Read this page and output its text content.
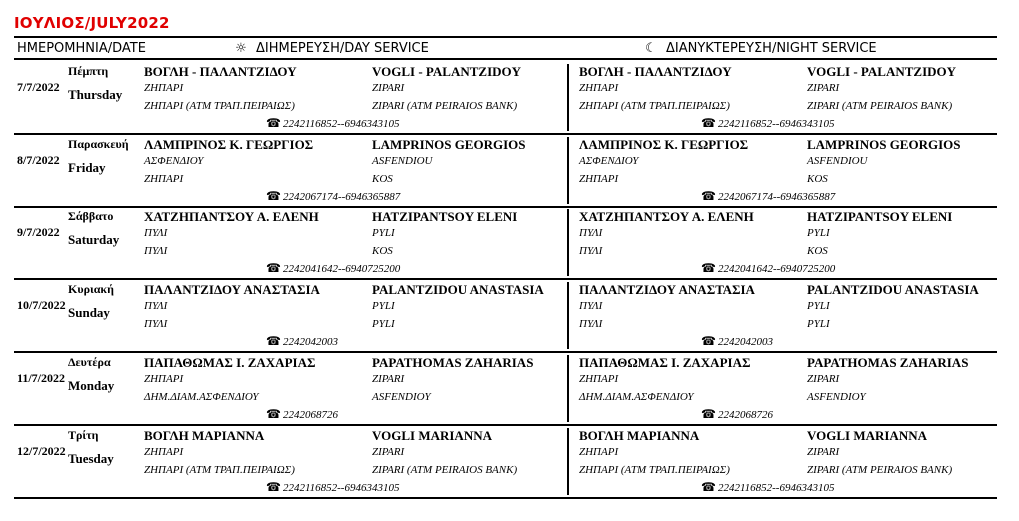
ΙΟΥΛΙΟΣ/JULY2022
ΗΜΕΡΟΜΗΝΙΑ/DATE	☼ ΔΙΗΜΕΡΕΥΣΗ/DAY SERVICE	☾ ΔΙΑΝΥΚΤΕΡΕΥΣΗ/NIGHT SERVICE
7/7/2022
Πέμπτη
Thursday
ΒΟΓΛΗ - ΠΑΛΑΝΤΖΙΔΟΥ	VOGLI - PALANTZIDOY
ΖΗΠΑΡΙ	ZIPARI
ΖΗΠΑΡΙ (ΑΤΜ ΤΡΑΠ.ΠΕΙΡΑΙΩΣ)	ZIPARI (ATM PEIRAIOS BANK)
☎ 2242116852--6946343105
ΒΟΓΛΗ - ΠΑΛΑΝΤΖΙΔΟΥ	VOGLI - PALANTZIDOY
ΖΗΠΑΡΙ	ZIPARI
ΖΗΠΑΡΙ (ΑΤΜ ΤΡΑΠ.ΠΕΙΡΑΙΩΣ)	ZIPARI (ATM PEIRAIOS BANK)
☎ 2242116852--6946343105
8/7/2022
Παρασκευή
Friday
ΛΑΜΠΡΙΝΟΣ Κ. ΓΕΩΡΓΙΟΣ	LAMPRINOS GEORGIOS
ΑΣΦΕΝΔΙΟΥ	ASFENDIOU
ΖΗΠΑΡΙ	KOS
☎ 2242067174--6946365887
ΛΑΜΠΡΙΝΟΣ Κ. ΓΕΩΡΓΙΟΣ	LAMPRINOS GEORGIOS
ΑΣΦΕΝΔΙΟΥ	ASFENDIOU
ΖΗΠΑΡΙ	KOS
☎ 2242067174--6946365887
9/7/2022
Σάββατο
Saturday
ΧΑΤΖΗΠΑΝΤΣΟΥ Α. ΕΛΕΝΗ	HATZIPANTSOY ELENI
ΠΥΛΙ	PYLI
ΠΥΛΙ	KOS
☎ 2242041642--6940725200
ΧΑΤΖΗΠΑΝΤΣΟΥ Α. ΕΛΕΝΗ	HATZIPANTSOY ELENI
ΠΥΛΙ	PYLI
ΠΥΛΙ	KOS
☎ 2242041642--6940725200
10/7/2022
Κυριακή
Sunday
ΠΑΛΑΝΤΖΙΔΟΥ ΑΝΑΣΤΑΣΙΑ	PALANTZIDOU ANASTASIA
ΠΥΛΙ	PYLI
ΠΥΛΙ	PYLI
☎ 2242042003
ΠΑΛΑΝΤΖΙΔΟΥ ΑΝΑΣΤΑΣΙΑ	PALANTZIDOU ANASTASIA
ΠΥΛΙ	PYLI
ΠΥΛΙ	PYLI
☎ 2242042003
11/7/2022
Δευτέρα
Monday
ΠΑΠΑΘΩΜΑΣ Ι. ΖΑΧΑΡΙΑΣ	PAPATHOMAS ZAHARIAS
ΖΗΠΑΡΙ	ZIPARI
ΔΗΜ.ΔΙΑΜ.ΑΣΦΕΝΔΙΟΥ	ASFENDIOY
☎ 2242068726
ΠΑΠΑΘΩΜΑΣ Ι. ΖΑΧΑΡΙΑΣ	PAPATHOMAS ZAHARIAS
ΖΗΠΑΡΙ	ZIPARI
ΔΗΜ.ΔΙΑΜ.ΑΣΦΕΝΔΙΟΥ	ASFENDIOY
☎ 2242068726
12/7/2022
Τρίτη
Tuesday
ΒΟΓΛΗ ΜΑΡΙΑΝΝΑ	VOGLI MARIANNA
ΖΗΠΑΡΙ	ZIPARI
ΖΗΠΑΡΙ (ΑΤΜ ΤΡΑΠ.ΠΕΙΡΑΙΩΣ)	ZIPARI (ATM PEIRAIOS BANK)
☎ 2242116852--6946343105
ΒΟΓΛΗ ΜΑΡΙΑΝΝΑ	VOGLI MARIANNA
ΖΗΠΑΡΙ	ZIPARI
ΖΗΠΑΡΙ (ΑΤΜ ΤΡΑΠ.ΠΕΙΡΑΙΩΣ)	ZIPARI (ATM PEIRAIOS BANK)
☎ 2242116852--6946343105
